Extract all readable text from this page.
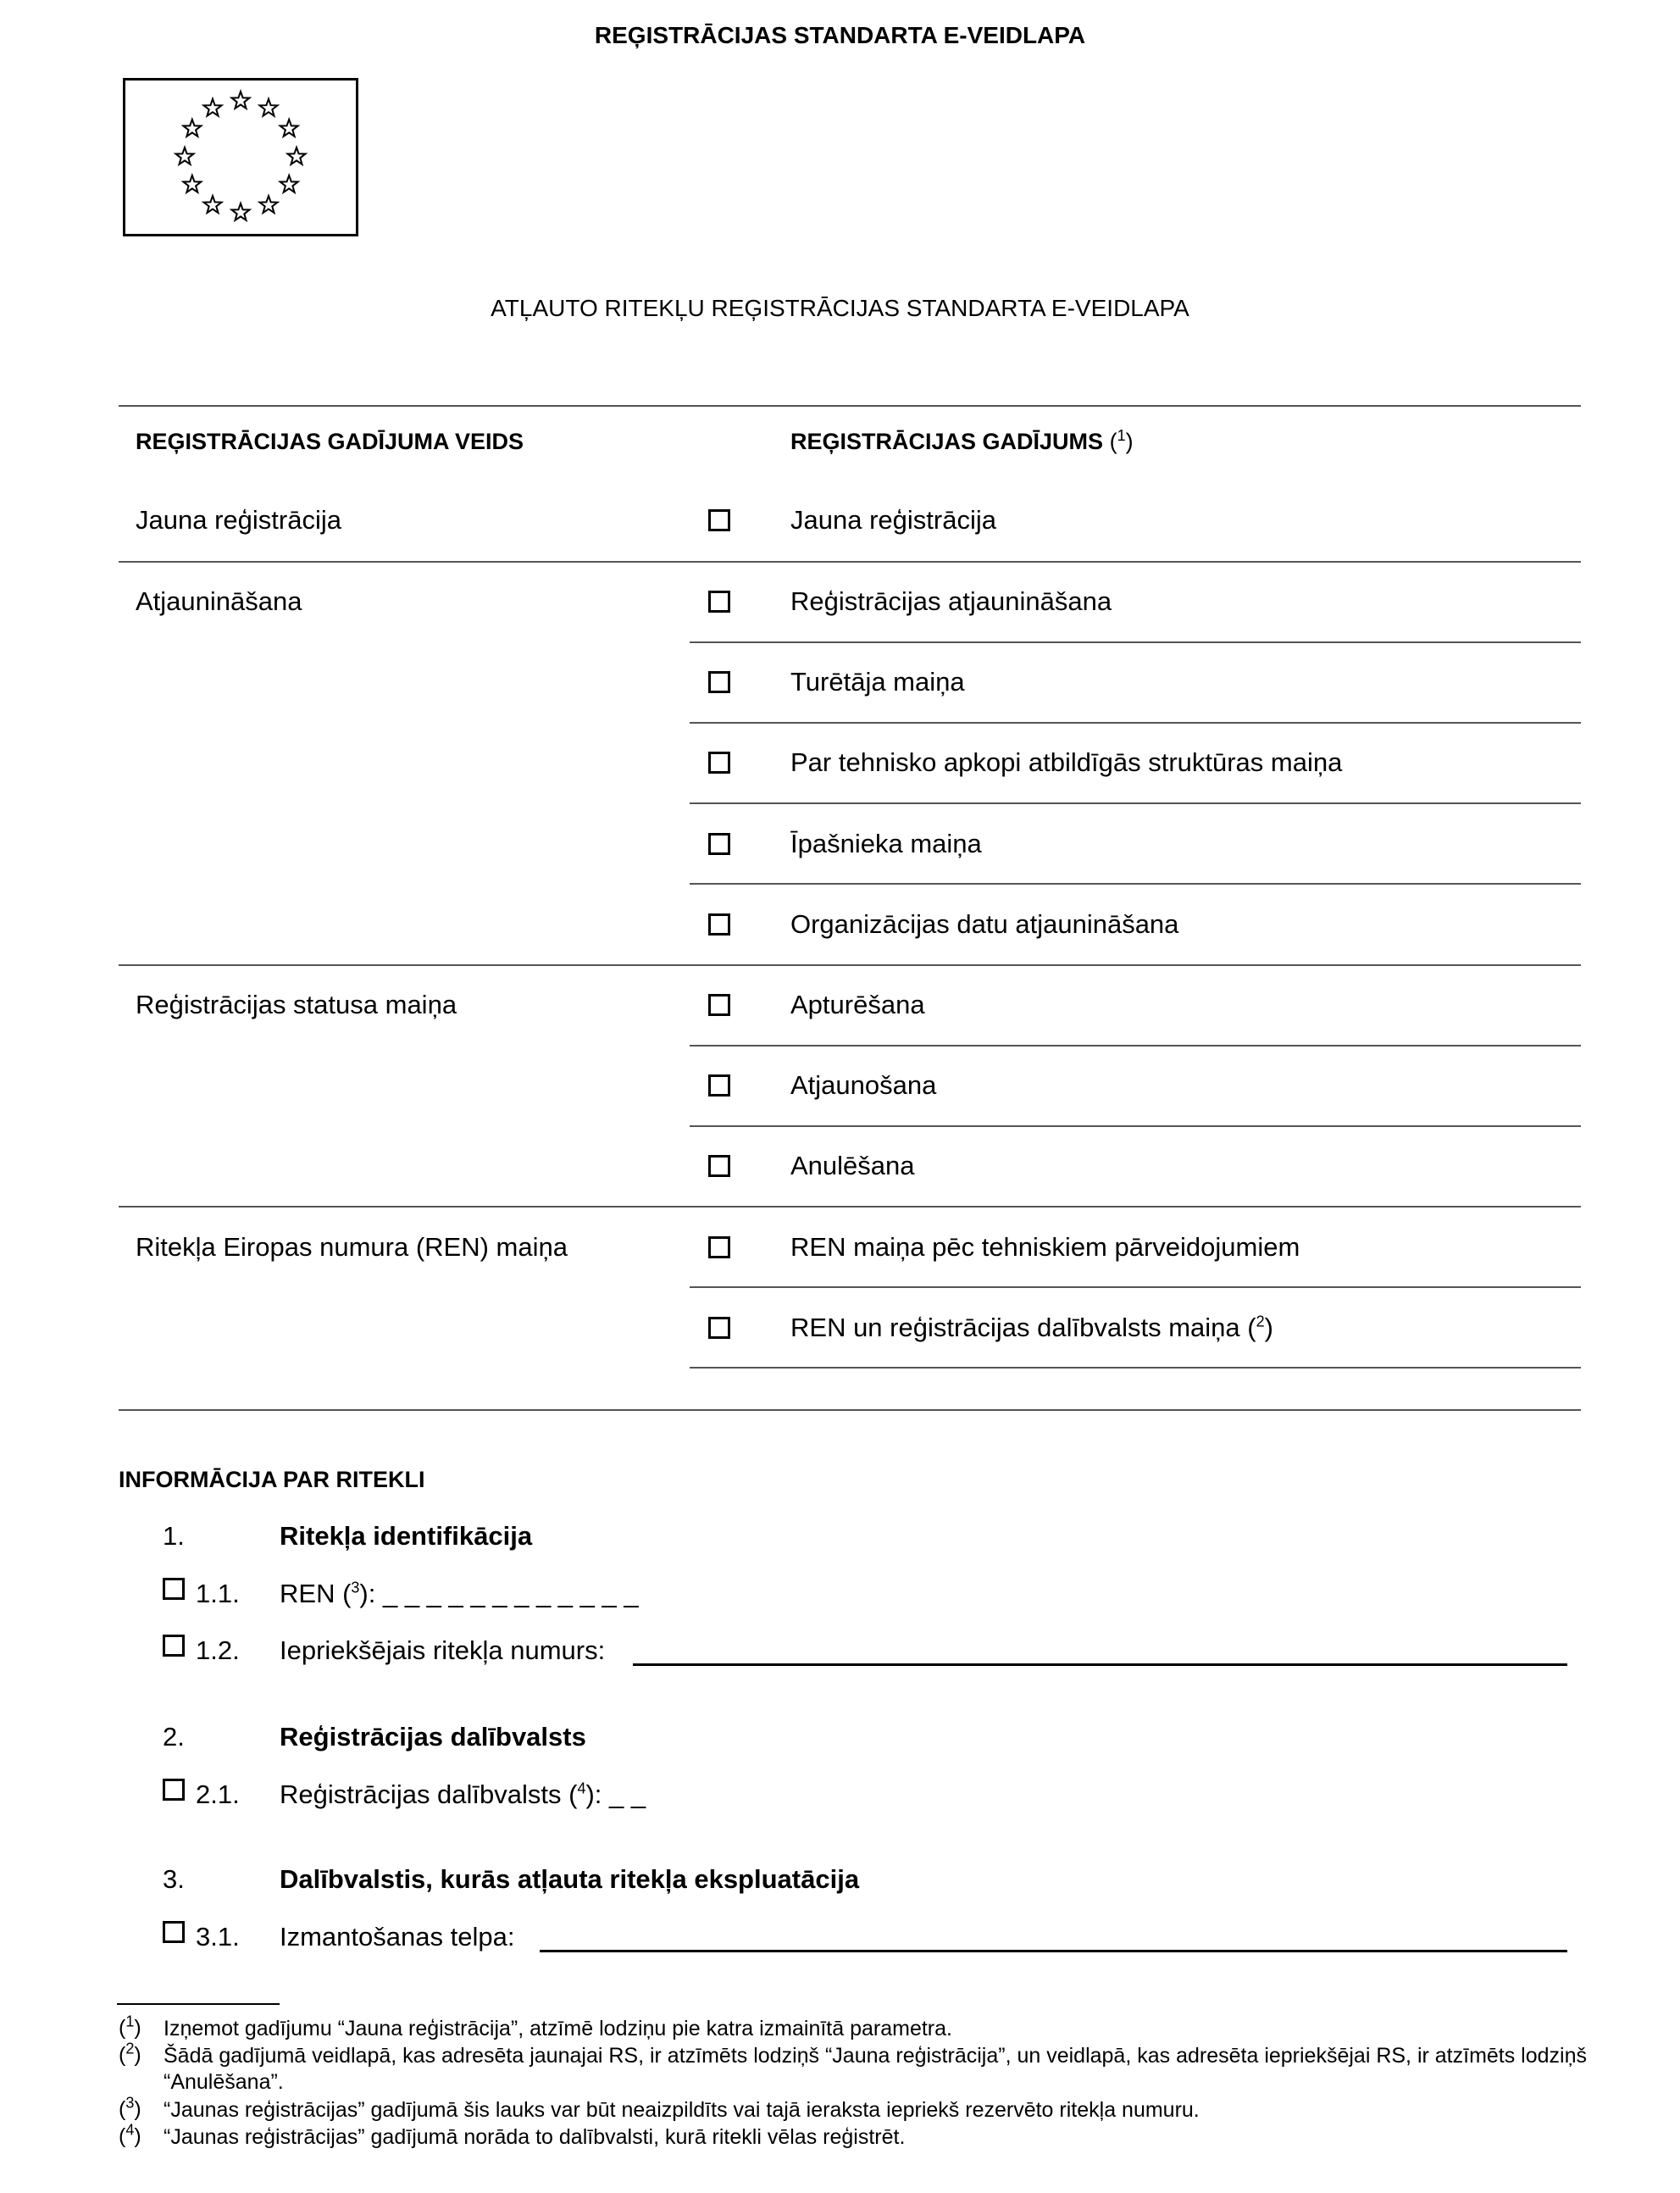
REĢISTRĀCIJAS STANDARTA E-VEIDLAPA
ATĻAUTO RITEKĻU REĢISTRĀCIJAS STANDARTA E-VEIDLAPA
REĢISTRĀCIJAS GADĪJUMA VEIDS	REĢISTRĀCIJAS GADĪJUMS ($^1$)
Jauna reģistrācija	Jauna reģistrācija
Atjaunināšana	Reģistrācijas atjaunināšana
Turētāja maiņa
Par tehnisko apkopi atbildīgās struktūras maiņa
Īpašnieka maiņa
Organizācijas datu atjaunināšana
Reģistrācijas statusa maiņa	Apturēšana
Atjaunošana
Anulēšana
Ritekļa Eiropas numura (REN) maiņa	REN maiņa pēc tehniskiem pārveidojumiem
REN un reģistrācijas dalībvalsts maiņa ($^2$)
INFORMĀCIJA PAR RITEKLI
1.	Ritekļa identifikācija
1.1. REN ($^3$): _ _ _ _ _ _ _ _ _ _ _ _
1.2. Iepriekšējais ritekļa numurs:
2.	Reģistrācijas dalībvalsts
2.1. Reģistrācijas dalībvalsts ($^4$): _ _
3.	Dalībvalstis, kurās atļauta ritekļa ekspluatācija
3.1. Izmantošanas telpa:
($^1$)	Izņemot gadījumu “Jauna reģistrācija”, atzīmē lodziņu pie katra izmainītā parametra.
($^2$)	Šādā gadījumā veidlapā, kas adresēta jaunajai RS, ir atzīmēts lodziņš “Jauna reģistrācija”, un veidlapā, kas adresēta iepriekšējai RS, ir atzīmēts lodziņš “Anulēšana”.
($^3$)	“Jaunas reģistrācijas” gadījumā šis lauks var būt neaizpildīts vai tajā ieraksta iepriekš rezervēto ritekļa numuru.
($^4$)	“Jaunas reģistrācijas” gadījumā norāda to dalībvalsti, kurā ritekli vēlas reģistrēt.
